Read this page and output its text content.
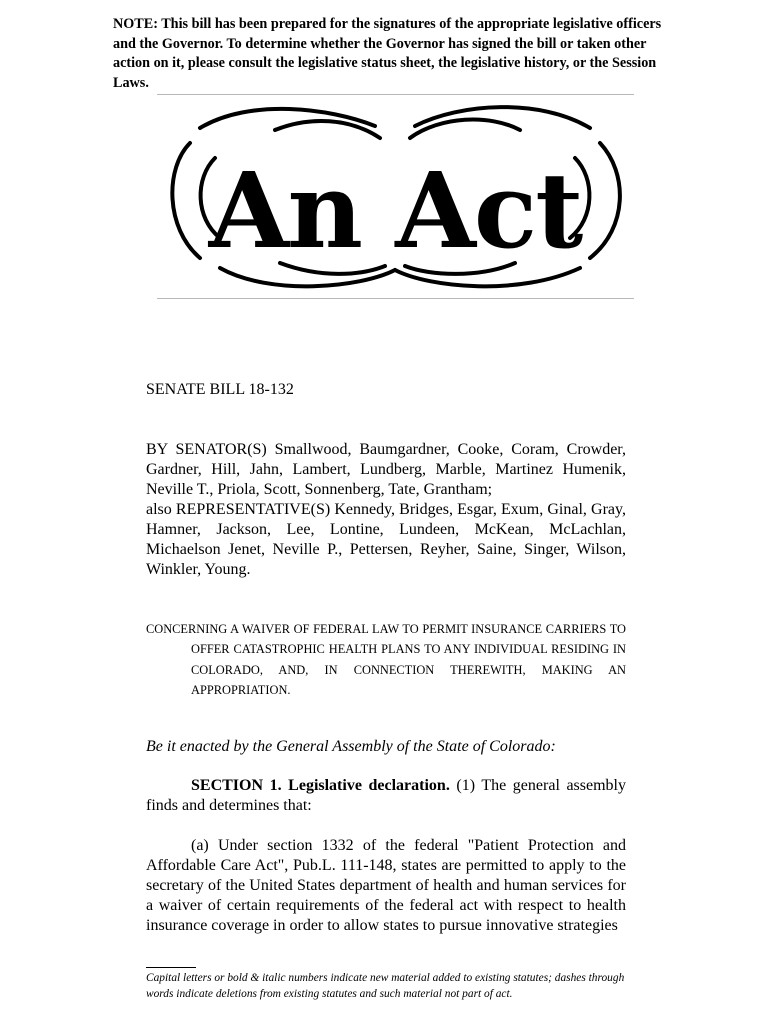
NOTE: This bill has been prepared for the signatures of the appropriate legislative officers and the Governor. To determine whether the Governor has signed the bill or taken other action on it, please consult the legislative status sheet, the legislative history, or the Session Laws.

An Act
SENATE BILL 18-132

BY SENATOR(S) Smallwood, Baumgardner, Cooke, Coram, Crowder, Gardner, Hill, Jahn, Lambert, Lundberg, Marble, Martinez Humenik, Neville T., Priola, Scott, Sonnenberg, Tate, Grantham;
also REPRESENTATIVE(S) Kennedy, Bridges, Esgar, Exum, Ginal, Gray, Hamner, Jackson, Lee, Lontine, Lundeen, McKean, McLachlan, Michaelson Jenet, Neville P., Pettersen, Reyher, Saine, Singer, Wilson, Winkler, Young.

CONCERNING A WAIVER OF FEDERAL LAW TO PERMIT INSURANCE CARRIERS TO OFFER CATASTROPHIC HEALTH PLANS TO ANY INDIVIDUAL RESIDING IN COLORADO, AND, IN CONNECTION THEREWITH, MAKING AN APPROPRIATION.

Be it enacted by the General Assembly of the State of Colorado:

SECTION 1. Legislative declaration. (1) The general assembly finds and determines that:

(a) Under section 1332 of the federal "Patient Protection and Affordable Care Act", Pub.L. 111-148, states are permitted to apply to the secretary of the United States department of health and human services for a waiver of certain requirements of the federal act with respect to health insurance coverage in order to allow states to pursue innovative strategies

Capital letters or bold & italic numbers indicate new material added to existing statutes; dashes through words indicate deletions from existing statutes and such material not part of act.
